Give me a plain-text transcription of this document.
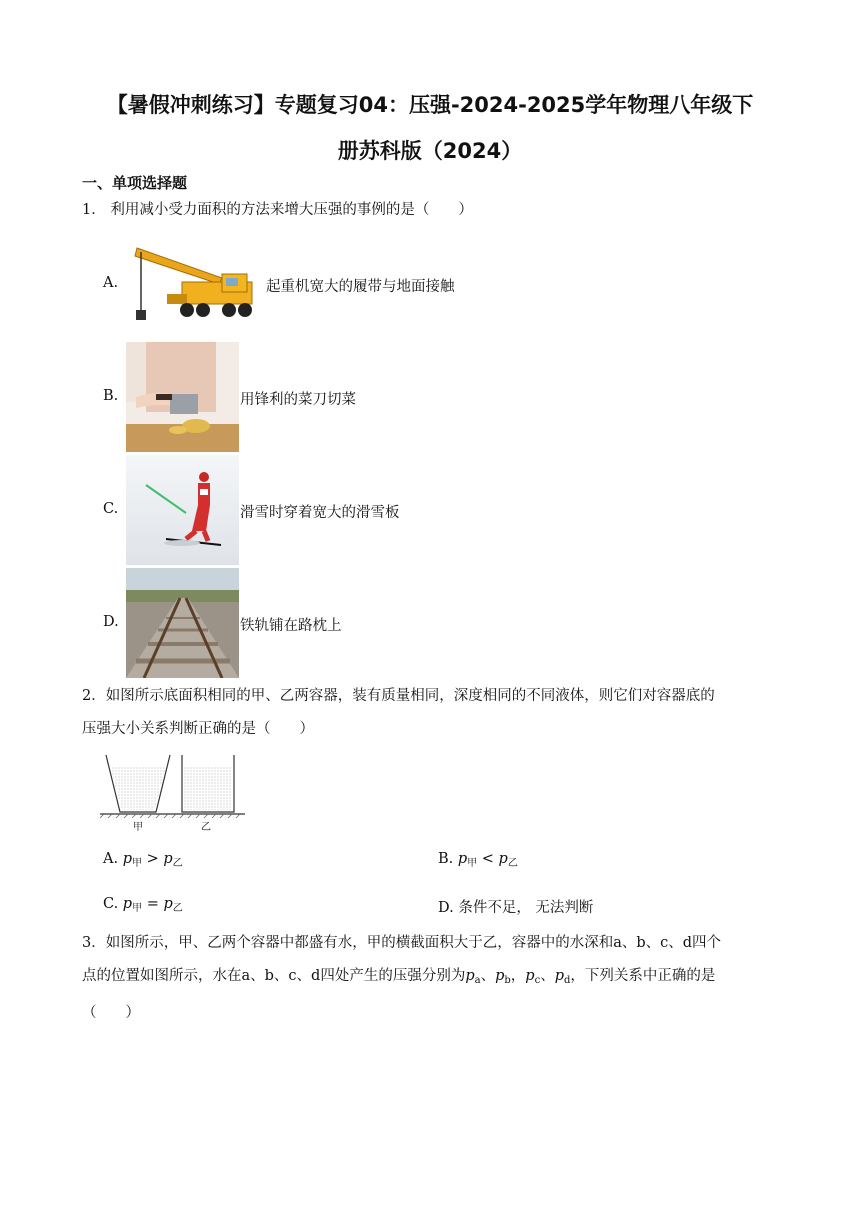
【暑假冲刺练习】专题复习04：压强-2024-2025学年物理八年级下
册苏科版（2024）
一、单项选择题
1． 利用减小受力面积的方法来增大压强的事例的是（　　）
A.	起重机宽大的履带与地面接触
B.	用锋利的菜刀切菜
C.	滑雪时穿着宽大的滑雪板
D.	铁轨铺在路枕上
2．如图所示底面积相同的甲、乙两容器，装有质量相同，深度相同的不同液体，则它们对容器底的
压强大小关系判断正确的是（　　）
甲	乙
A. $p_甲 > p_乙$	B. $p_甲 < p_乙$
C. $p_甲 = p_乙$	D. 条件不足， 无法判断
3．如图所示，甲、乙两个容器中都盛有水，甲的横截面积大于乙，容器中的水深和a、b、c、d四个
点的位置如图所示，水在a、b、c、d四处产生的压强分别为$p_a$、$p_b$，$p_c$、$p_d$，下列关系中正确的是
（　　）
